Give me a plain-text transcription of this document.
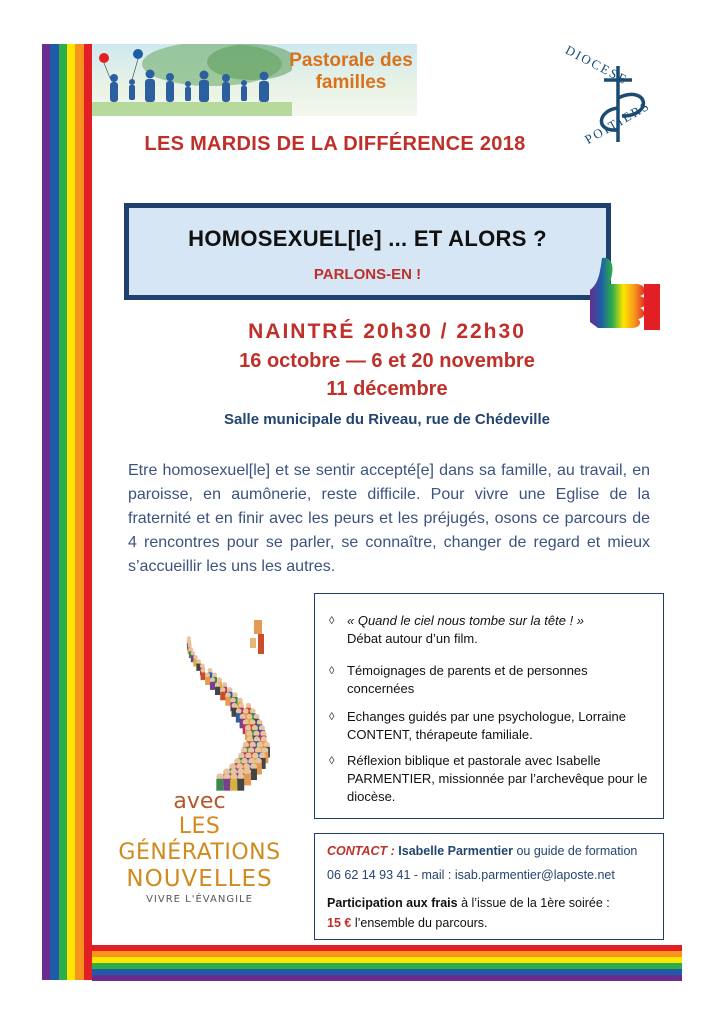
Pastorale des familles	DIOCESE
POITIERS
LES MARDIS DE LA DIFFÉRENCE 2018
HOMOSEXUEL[le] ... ET ALORS ?
PARLONS-EN !
NAINTRÉ 20h30 / 22h30
16 octobre — 6 et 20 novembre
11 décembre
Salle municipale du Riveau, rue de Chédeville
Etre homosexuel[le] et se sentir accepté[e] dans sa famille, au travail, en paroisse, en aumônerie, reste difficile. Pour vivre une Eglise de la fraternité et en finir avec les peurs et les préjugés, osons ce parcours de 4 rencontres pour se parler, se connaître, changer de regard et mieux s’accueillir les uns les autres.
avec
LES GÉNÉRATIONS
NOUVELLES
VIVRE L'ÉVANGILE
◊ « Quand le ciel nous tombe sur la tête ! »
Débat autour d’un film.
◊ Témoignages de parents et de personnes concernées
◊ Echanges guidés par une psychologue, Lorraine CONTENT, thérapeute familiale.
◊ Réflexion biblique et pastorale avec Isabelle PARMENTIER, missionnée par l’archevêque pour le diocèse.
CONTACT : Isabelle Parmentier ou guide de formation
06 62 14 93 41 - mail : isab.parmentier@laposte.net
Participation aux frais à l’issue de la 1ère soirée :
15 € l’ensemble du parcours.
